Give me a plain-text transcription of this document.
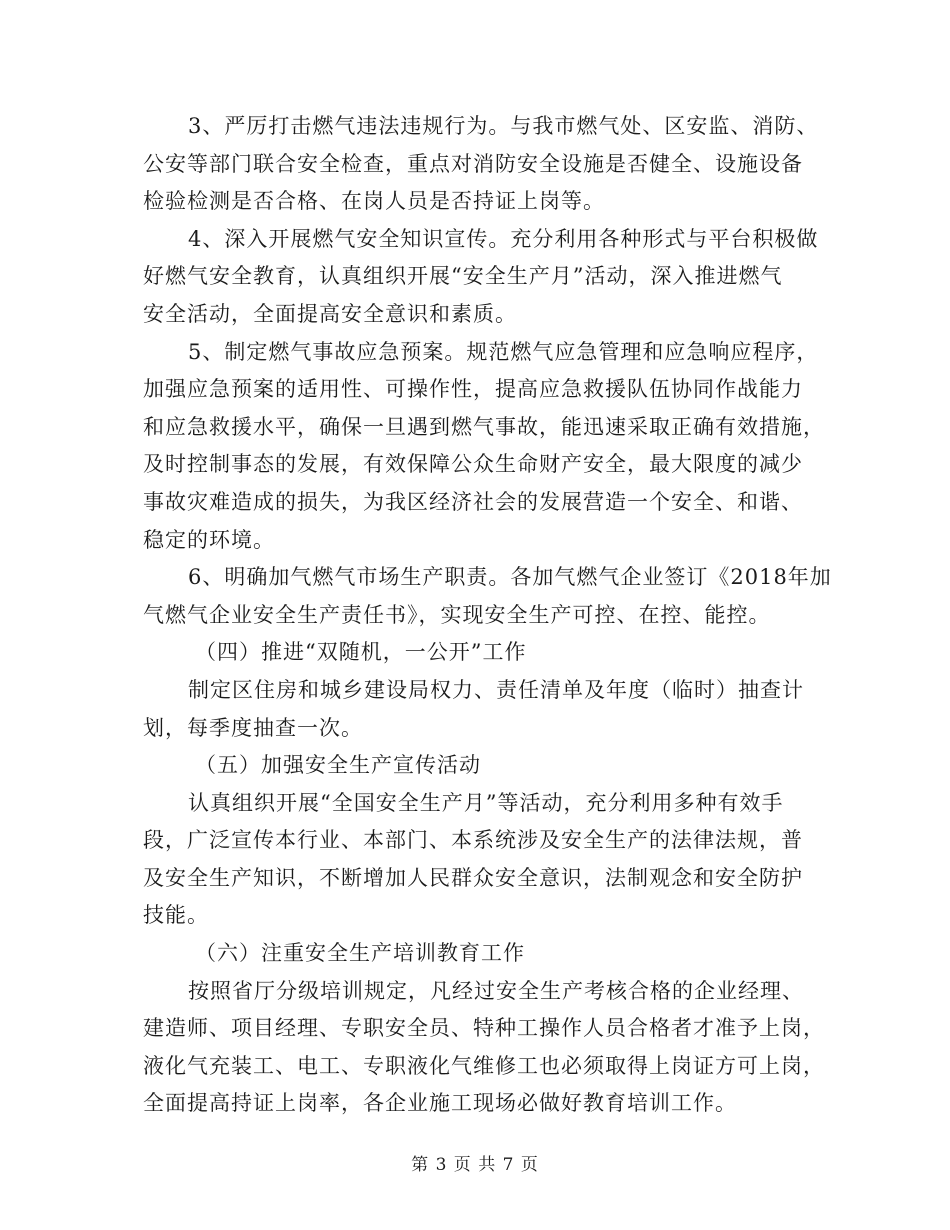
3、严厉打击燃气违法违规行为。与我市燃气处、区安监、消防、
公安等部门联合安全检查，重点对消防安全设施是否健全、设施设备
检验检测是否合格、在岗人员是否持证上岗等。
4、深入开展燃气安全知识宣传。充分利用各种形式与平台积极做
好燃气安全教育，认真组织开展“安全生产月”活动，深入推进燃气
安全活动，全面提高安全意识和素质。
5、制定燃气事故应急预案。规范燃气应急管理和应急响应程序，
加强应急预案的适用性、可操作性，提高应急救援队伍协同作战能力
和应急救援水平，确保一旦遇到燃气事故，能迅速采取正确有效措施，
及时控制事态的发展，有效保障公众生命财产安全，最大限度的减少
事故灾难造成的损失，为我区经济社会的发展营造一个安全、和谐、
稳定的环境。
6、明确加气燃气市场生产职责。各加气燃气企业签订《2018年加
气燃气企业安全生产责任书》，实现安全生产可控、在控、能控。
（四）推进“双随机，一公开”工作
制定区住房和城乡建设局权力、责任清单及年度（临时）抽查计
划，每季度抽查一次。
（五）加强安全生产宣传活动
认真组织开展“全国安全生产月”等活动，充分利用多种有效手
段，广泛宣传本行业、本部门、本系统涉及安全生产的法律法规，普
及安全生产知识，不断增加人民群众安全意识，法制观念和安全防护
技能。
（六）注重安全生产培训教育工作
按照省厅分级培训规定，凡经过安全生产考核合格的企业经理、
建造师、项目经理、专职安全员、特种工操作人员合格者才准予上岗，
液化气充装工、电工、专职液化气维修工也必须取得上岗证方可上岗，
全面提高持证上岗率，各企业施工现场必做好教育培训工作。
第 3 页 共 7 页
